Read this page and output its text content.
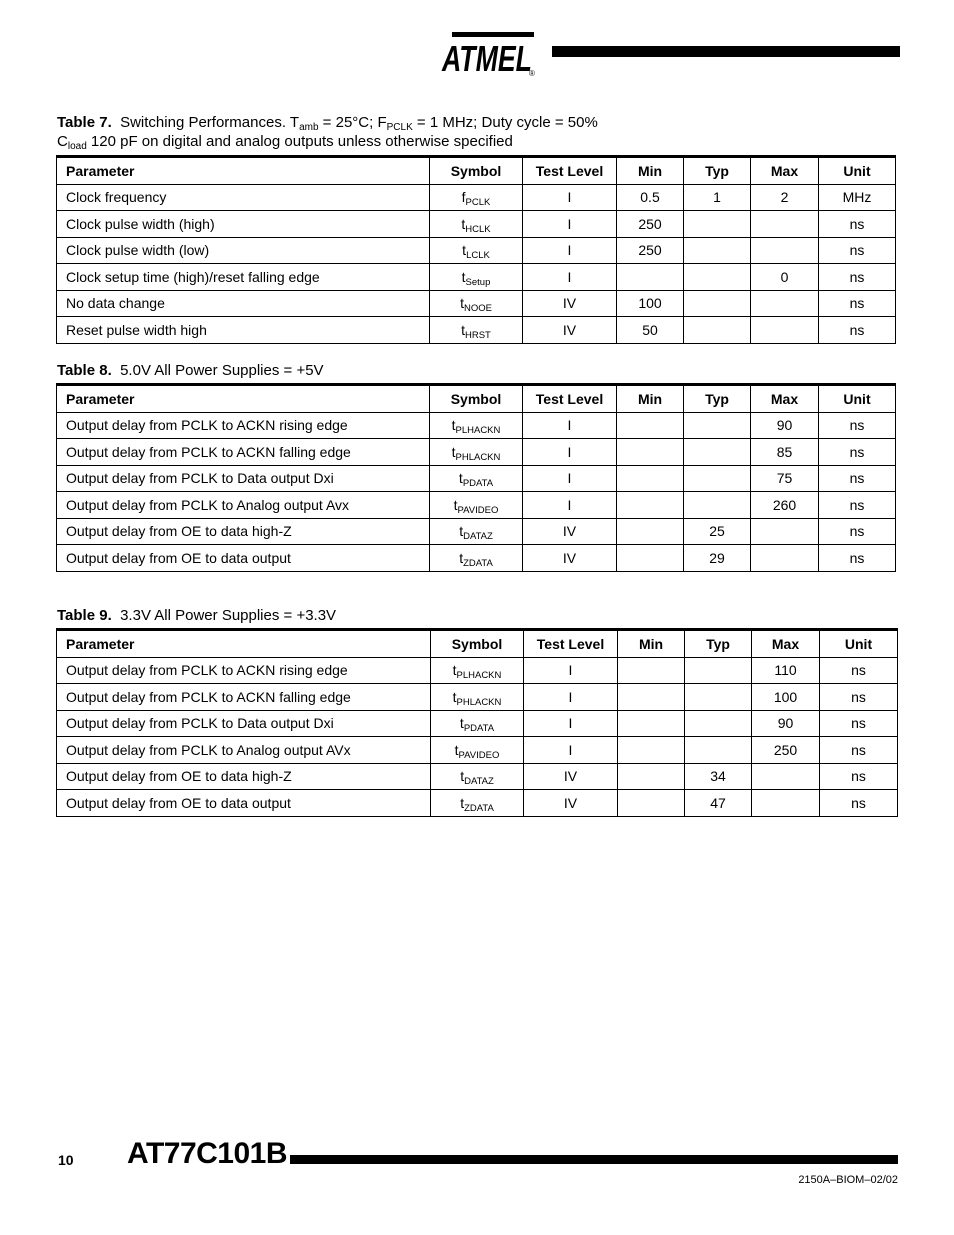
ATMEL
®
Table 7. Switching Performances. $T_{amb} = 25^\circ C$; $F_{PCLK} = 1$ MHz; Duty cycle = 50%
$C_{load}$ 120 pF on digital and analog outputs unless otherwise specified
Parameter	Symbol	Test Level	Min	Typ	Max	Unit
Clock frequency	$f_{PCLK}$	I	0.5	1	2	MHz
Clock pulse width (high)	$t_{HCLK}$	I	250			ns
Clock pulse width (low)	$t_{LCLK}$	I	250			ns
Clock setup time (high)/reset falling edge	$t_{Setup}$	I			0	ns
No data change	$t_{NOOE}$	IV	100			ns
Reset pulse width high	$t_{HRST}$	IV	50			ns
Table 8. 5.0V All Power Supplies = +5V
Parameter	Symbol	Test Level	Min	Typ	Max	Unit
Output delay from PCLK to ACKN rising edge	$t_{PLHACKN}$	I			90	ns
Output delay from PCLK to ACKN falling edge	$t_{PHLACKN}$	I			85	ns
Output delay from PCLK to Data output Dxi	$t_{PDATA}$	I			75	ns
Output delay from PCLK to Analog output Avx	$t_{PAVIDEO}$	I			260	ns
Output delay from OE to data high-Z	$t_{DATAZ}$	IV		25		ns
Output delay from OE to data output	$t_{ZDATA}$	IV		29		ns
Table 9. 3.3V All Power Supplies = +3.3V
Parameter	Symbol	Test Level	Min	Typ	Max	Unit
Output delay from PCLK to ACKN rising edge	$t_{PLHACKN}$	I			110	ns
Output delay from PCLK to ACKN falling edge	$t_{PHLACKN}$	I			100	ns
Output delay from PCLK to Data output Dxi	$t_{PDATA}$	I			90	ns
Output delay from PCLK to Analog output AVx	$t_{PAVIDEO}$	I			250	ns
Output delay from OE to data high-Z	$t_{DATAZ}$	IV		34		ns
Output delay from OE to data output	$t_{ZDATA}$	IV		47		ns
10 AT77C101B
2150A–BIOM–02/02
